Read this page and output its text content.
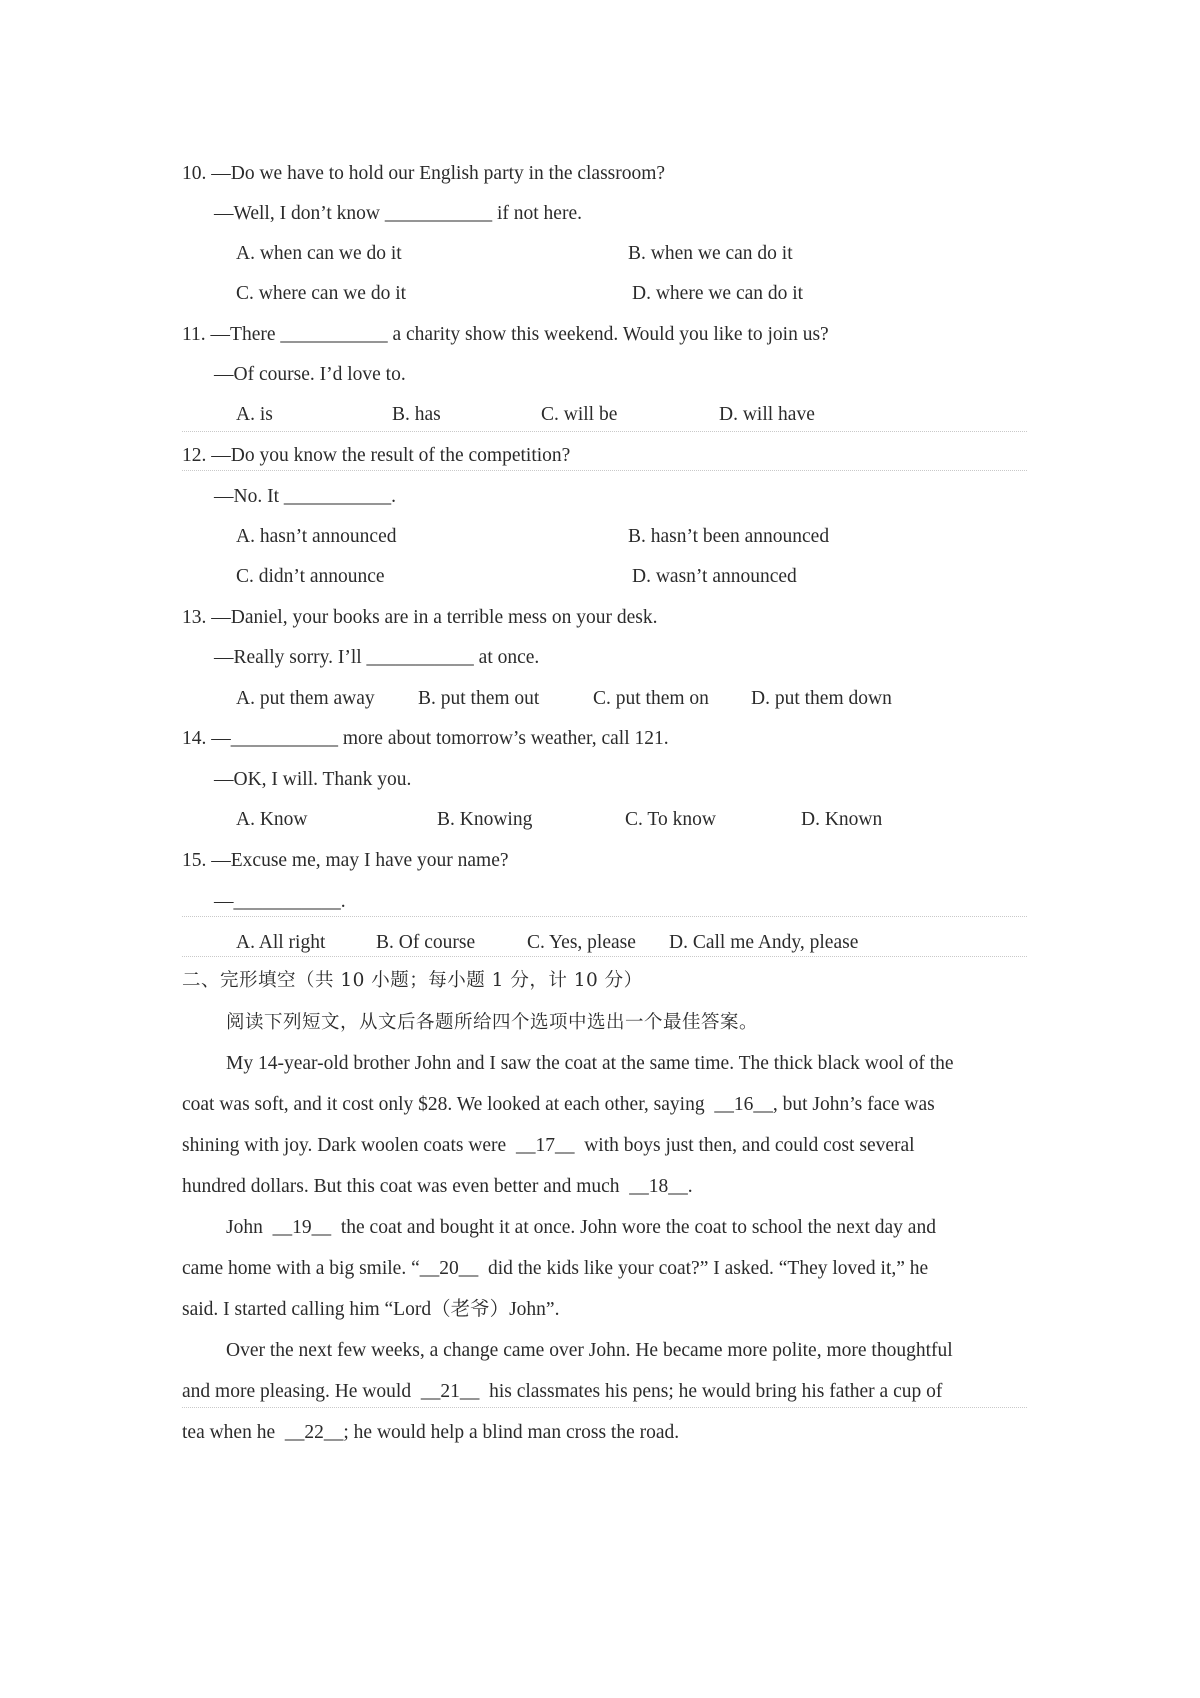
10. —Do we have to hold our English party in the classroom?

—Well, I don’t know ___________ if not here.

A. when can we do it

	B. when we can do it

C. where can we do it

	D. where we can do it

11. —There ___________ a charity show this weekend. Would you like to join us?

—Of course. I’d love to.

A. is

	B. has

	C. will be

	D. will have

12. —Do you know the result of the competition?

—No. It ___________.

A. hasn’t announced

	B. hasn’t been announced

C. didn’t announce

	D. wasn’t announced

13. —Daniel, your books are in a terrible mess on your desk.

—Really sorry. I’ll ___________ at once.

A. put them away

B. put them out

	C. put them on

D. put them down

14. —___________ more about tomorrow’s weather, call 121.

—OK, I will. Thank you.

A. Know

	B. Knowing

	C. To know

	D. Known

15. —Excuse me, may I have your name?

—___________.

A. All right

	B. Of course

	C. Yes, please

D. Call me Andy, please

二、完形填空（共 10 小题；每小题 1 分，计 10 分）

阅读下列短文，从文后各题所给四个选项中选出一个最佳答案。

My 14-year-old brother John and I saw the coat at the same time. The thick black wool of the

coat was soft, and it cost only $28. We looked at each other, saying  __16__, but John’s face was

shining with joy. Dark woolen coats were  __17__  with boys just then, and could cost several

hundred dollars. But this coat was even better and much  __18__.

John  __19__  the coat and bought it at once. John wore the coat to school the next day and

came home with a big smile. “__20__  did the kids like your coat?” I asked. “They loved it,” he

said. I started calling him “Lord（老爷）John”.

Over the next few weeks, a change came over John. He became more polite, more thoughtful

and more pleasing. He would  __21__  his classmates his pens; he would bring his father a cup of

tea when he  __22__; he would help a blind man cross the road.
